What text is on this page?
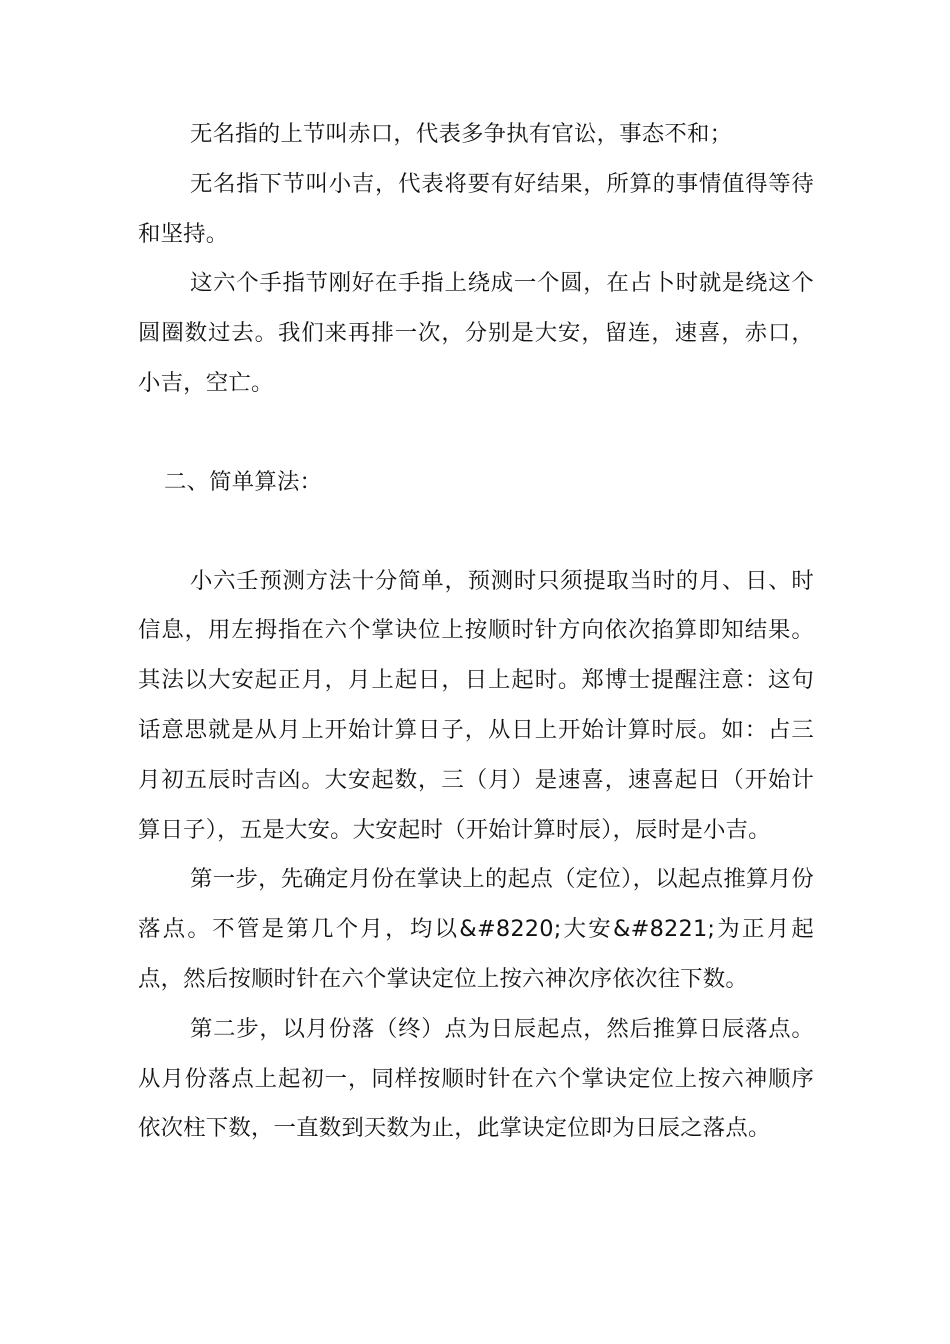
无名指的上节叫赤口，代表多争执有官讼，事态不和；

无名指下节叫小吉，代表将要有好结果，所算的事情值得等待和坚持。

这六个手指节刚好在手指上绕成一个圆，在占卜时就是绕这个圆圈数过去。我们来再排一次，分别是大安，留连，速喜，赤口，小吉，空亡。

二、简单算法：

小六壬预测方法十分简单，预测时只须提取当时的月、日、时信息，用左拇指在六个掌诀位上按顺时针方向依次掐算即知结果。其法以大安起正月，月上起日，日上起时。郑博士提醒注意：这句话意思就是从月上开始计算日子，从日上开始计算时辰。如：占三月初五辰时吉凶。大安起数，三（月）是速喜，速喜起日（开始计算日子），五是大安。大安起时（开始计算时辰），辰时是小吉。

第一步，先确定月份在掌诀上的起点（定位），以起点推算月份落点。不管是第几个月，均以&#8220;大安&#8221;为正月起点，然后按顺时针在六个掌诀定位上按六神次序依次往下数。

第二步，以月份落（终）点为日辰起点，然后推算日辰落点。从月份落点上起初一，同样按顺时针在六个掌诀定位上按六神顺序依次柱下数，一直数到天数为止，此掌诀定位即为日辰之落点。
